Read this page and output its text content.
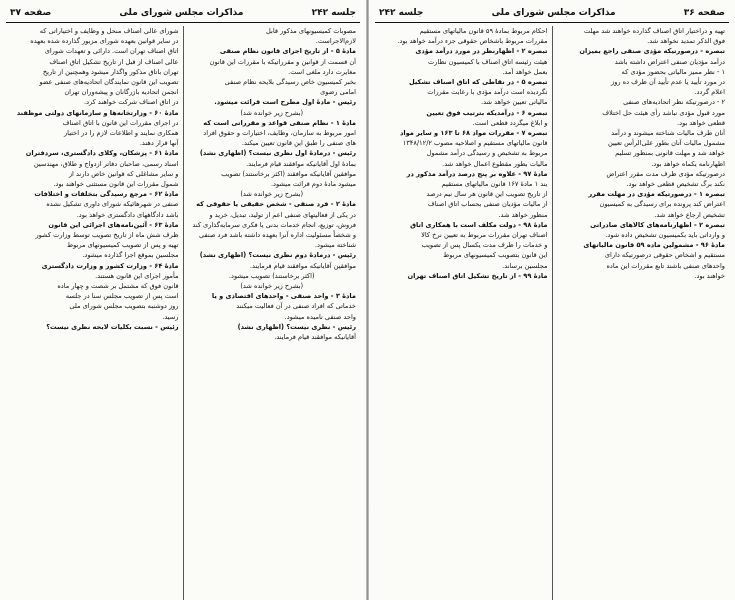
جلسه ۲۴۲
مذاکرات مجلس شورای ملی
صفحه ۳۷

مصوبات کمیسیونهای مذکور قابل

لازم‌الاجراست.

مادۀ ۵ - از تاریخ اجرای قانون نظام صنفی

آن قسمت از قوانین و مقرراتیکه با مقررات این قانون

مغایرت دارد ملغی است.

بخبر کمیسیون خاص رسیدگی بلایحه نظام صنفی

امامی رضوی

رئیس - مادۀ اول مطرح است قرائت میشود.

(بشرح زیر خوانده شد)

مادۀ ۱ - نظام صنفی قواعد و مقرراتی است که

امور مربوط به سازمان، وظایف، اختیارات و حقوق افراد

های صنفی را طبق این قانون تعیین میکند.

رئیس - درمادۀ اول نظری نیست؟ (اظهاری نشد)

بمادۀ اول آقایانیکه موافقند قیام فرمایند.

موافقین آقایانیکه موافقند (اکثر برخاستند) تصویب

میشود مادۀ دوم قرائت میشود.

(بشرح زیر خوانده شد)

مادۀ ۲ - فرد صنفی - شخص حقیقی یا حقوقی که

در یکی از فعالیتهای صنفی اعم از تولید، تبدیل، خرید و

فروش، توزیع، انجام خدمات بدنی یا فکری سرمایه‌گذاری کند

و شخصاً مسئولیت اداره آنرا بعهده داشته باشد فرد صنفی

شناخته میشود.

رئیس - درمادۀ دوم نظری نیست؟ (اظهاری نشد)

موافقین آقایانیکه موافقند قیام فرمایند.

(اکثر برخاستند) تصویب میشود.

(بشرح زیر خوانده شد)

مادۀ ۳ - واحد صنفی - واحدهای اقتصادی و یا

خدماتی که افراد صنفی در آن فعالیت میکنند

واحد صنفی نامیده میشود.

رئیس - نظری نیست؟ (اظهاری نشد)

آقایانیکه موافقند قیام فرمایند.

شورای عالی اصناف منحل و وظایف و اختیاراتی که

در سایر قوانین بعهده شورای مزبور گذارده شده بعهده

اتاق اصناف تهران است. دارائی و تعهدات شورای

عالی اصناف از قبل از تاریخ تشکیل اتاق اصناف

تهران باتاق مذکور واگذار میشود وهمچنین از تاریخ

تصویب این قانون نمایندگان اتحادیه‌های صنفی عضو

انجمن اتحادیه بازرگانان و پیشه‌وران تهران

در اتاق اصناف شرکت خواهند کرد.

مادۀ ۶۰ - وزارتخانه‌ها و سازمانهای دولتی موظفند

در اجرای مقررات این قانون با اتاق اصناف

همکاری نمایند و اطلاعات لازم را در اختیار

آنها قرار دهند.

مادۀ ۶۱ - پزشکان، وکلای دادگستری، سردفتران

اسناد رسمی، صاحبان دفاتر ازدواج و طلاق، مهندسین

و سایر مشاغلی که قوانین خاص دارند از

شمول مقررات این قانون مستثنی خواهند بود.

مادۀ ۶۲ - مرجع رسیدگی بتخلفات و اختلافات

صنفی در شهرهائیکه شورای داوری تشکیل نشده

باشد دادگاههای دادگستری خواهد بود.

مادۀ ۶۳ - آئین‌نامه‌های اجرائی این قانون

ظرف شش ماه از تاریخ تصویب توسط وزارت کشور

تهیه و پس از تصویب کمیسیونهای مربوط

مجلسین بموقع اجرا گذارده میشود.

مادۀ ۶۴ - وزارت کشور و وزارت دادگستری

مأمور اجرای این قانون هستند.

قانون فوق که مشتمل بر شصت و چهار ماده

است پس از تصویب مجلس سنا در جلسه

روز دوشنبه بتصویب مجلس شورای ملی

رسید.

رئیس - نسبت بکلیات لایحه نظری نیست؟

صفحه ۳۶
مذاکرات مجلس شورای ملی
جلسه ۲۴۲

تهیه و دراختیار اتاق اصناف گذارده خواهند شد مهلت

فوق الذکر تمدید نخواهد شد.

تبصره - درصورتیکه مؤدی صنفی راجع بمیزان

درآمد مؤدیان صنفی اعتراض داشته باشد

۱ - نظر ممیز مالیاتی بحضور مؤدی که

در مورد تأیید یا عدم تأیید آن ظرف ده روز

اعلام گردد.

۲ - درصورتیکه نظر اتحادیه‌های صنفی

مورد قبول مؤدی نباشد رأی هیئت حل اختلاف

قطعی خواهد بود.

آنان طرف مالیات شناخته میشوند و درآمد

مشمول مالیات آنان بطور علی‌الرأس تعیین

خواهد شد و مهلت قانونی بمنظور تسلیم

اظهارنامه یکماه خواهد بود.

درصورتیکه مؤدی ظرف مدت مقرر اعتراض

نکند برگ تشخیص قطعی خواهد بود.

تبصره ۱ - درصورتیکه مؤدی در مهلت مقرر

اعتراض کند پرونده برای رسیدگی به کمیسیون

تشخیص ارجاع خواهد شد.

تبصره ۲ - اظهارنامه‌های کالاهای صادراتی

و وارداتی باید بکمیسیون تشخیص داده شود.

مادۀ ۹۶ - مشمولین ماده ۵۹ قانون مالیاتهای

مستقیم و اشخاص حقوقی درصورتیکه دارای

واحدهای صنفی باشند تابع مقررات این ماده

خواهند بود.

احکام مربوط بمادۀ ۵۹ قانون مالیاتهای مستقیم

مقررات مربوط باشخاص حقوقی جزء درآمد خواهد بود.

تبصره ۲ - اظهارنظر در مورد درآمد مؤدی

هیئت رئیسه اتاق اصناف با کمیسیون نظارت

بعمل خواهد آمد.

تبصره ۵ - در نقاطی که اتاق اصناف تشکیل

نگردیده است درآمد مؤدی با رعایت مقررات

مالیاتی تعیین خواهد شد.

تبصره ۶ - درآمدیکه بترتیب فوق تعیین

و ابلاغ میگردد قطعی است.

تبصره ۷ - مقررات مواد ۶۸ تا ۱۶۳ و سایر مواد

قانون مالیاتهای مستقیم و اصلاحیه مصوب ۱۳۴۸/۱۲/۲

مربوط به تشخیص و رسیدگی درآمد مشمول

مالیات بطور مقطوع اعمال خواهد شد.

مادۀ ۹۷ - علاوه بر پنج درصد درآمد مذکور در

بند ۱ مادۀ ۱۶۷ قانون مالیاتهای مستقیم

از تاریخ تصویب این قانون هر سال نیم درصد

از مالیات مؤدیان صنفی بحساب اتاق اصناف

منظور خواهد شد.

مادۀ ۹۸ - دولت مکلف است با همکاری اتاق

اصناف تهران مقررات مربوط به تعیین نرخ کالا

و خدمات را ظرف مدت یکسال پس از تصویب

این قانون بتصویب کمیسیونهای مربوط

مجلسین برساند.

مادۀ ۹۹ - از تاریخ تشکیل اتاق اصناف تهران
